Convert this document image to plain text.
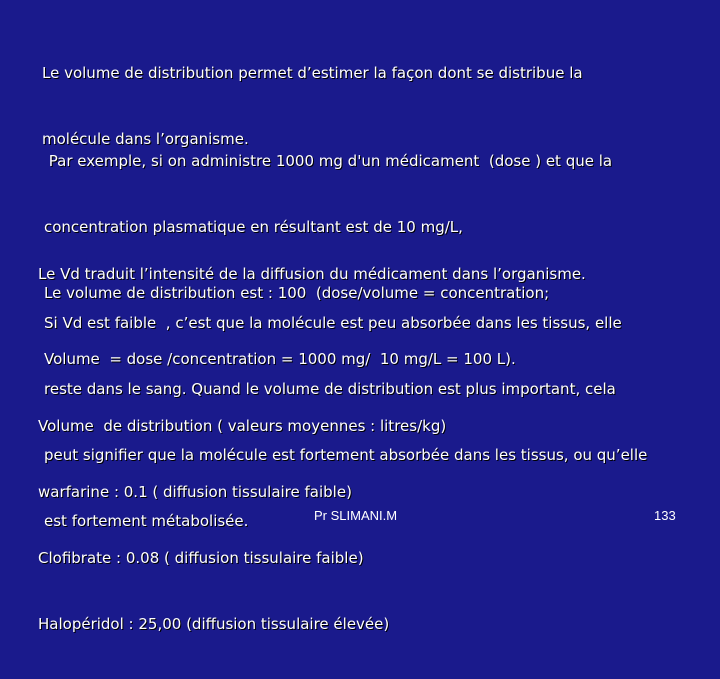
Le volume de distribution permet d’estimer la façon dont se distribue la

molécule dans l’organisme.

Par exemple, si on administre 1000 mg d'un médicament  (dose ) et que la

concentration plasmatique en résultant est de 10 mg/L,

Le volume de distribution est : 100  (dose/volume = concentration;

Volume  = dose /concentration = 1000 mg/  10 mg/L = 100 L).

Le Vd traduit l’intensité de la diffusion du médicament dans l’organisme.

Si Vd est faible  , c’est que la molécule est peu absorbée dans les tissus, elle

reste dans le sang. Quand le volume de distribution est plus important, cela

peut signifier que la molécule est fortement absorbée dans les tissus, ou qu’elle

est fortement métabolisée.

Volume  de distribution ( valeurs moyennes : litres/kg)

warfarine : 0.1 ( diffusion tissulaire faible)

Clofibrate : 0.08 ( diffusion tissulaire faible)

Halopéridol : 25,00 (diffusion tissulaire élevée)

Pr SLIMANI.M	133
